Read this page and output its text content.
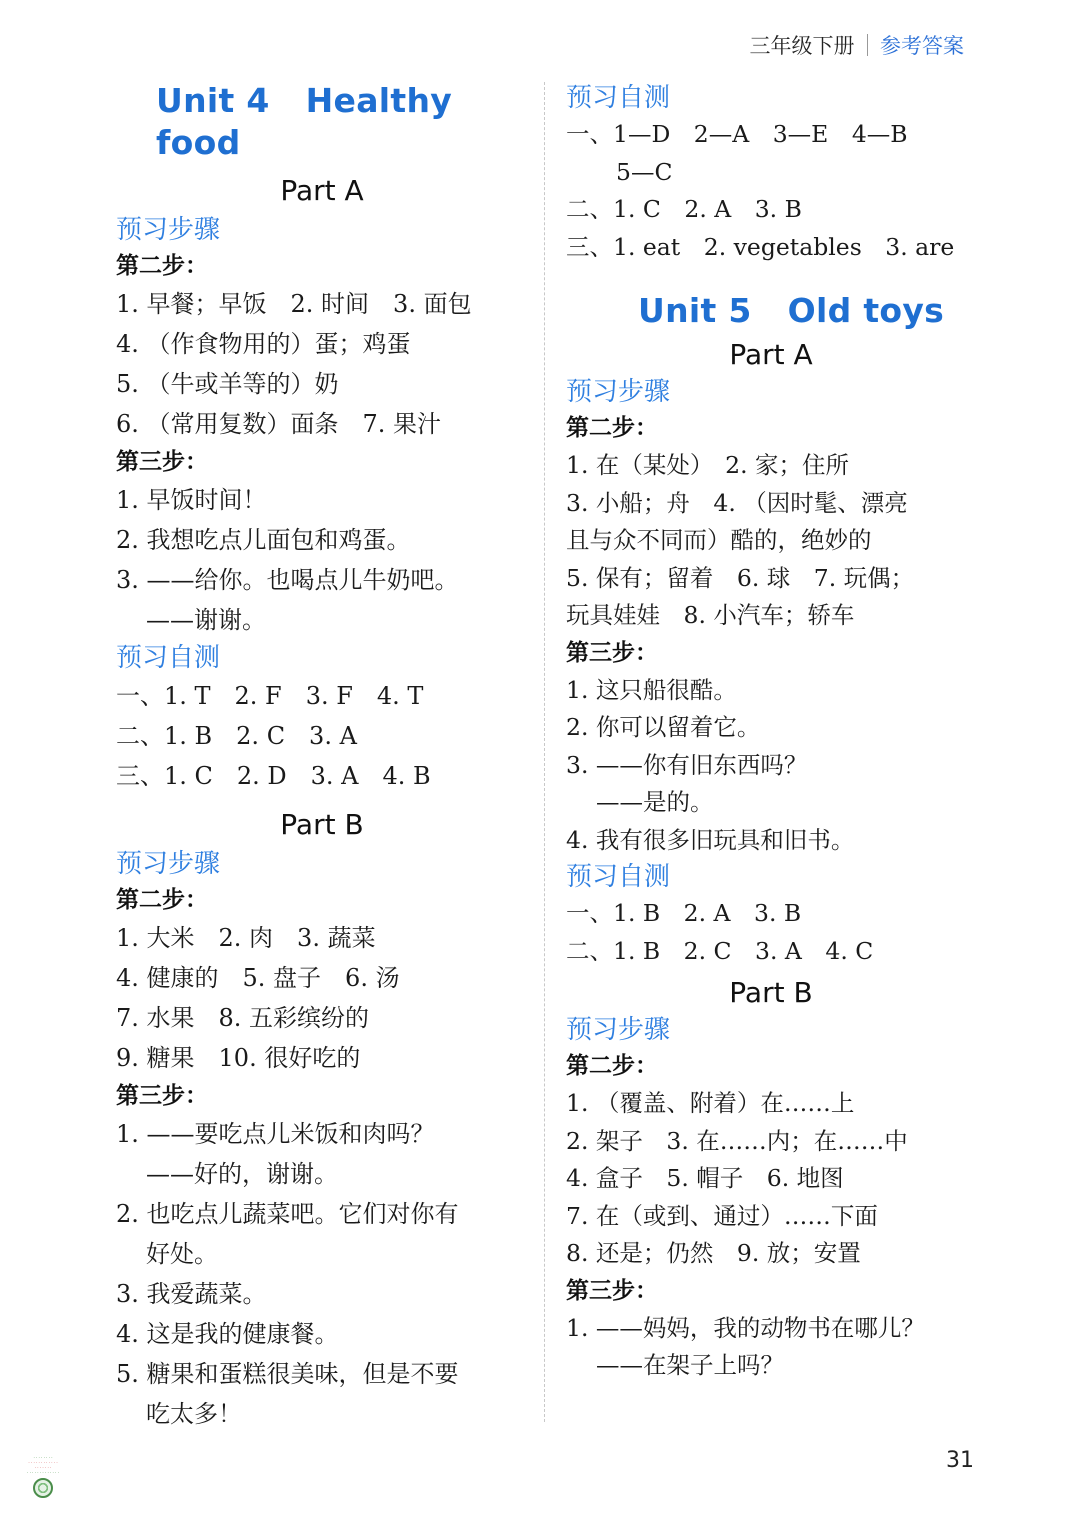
三年级下册 参考答案
Unit 4 Healthy food
Part A
预习步骤
第二步：
1. 早餐；早饭　2. 时间　3. 面包
4. （作食物用的）蛋；鸡蛋
5. （牛或羊等的）奶
6. （常用复数）面条　7. 果汁
第三步：
1. 早饭时间！
2. 我想吃点儿面包和鸡蛋。
3. ——给你。也喝点儿牛奶吧。
——谢谢。
预习自测
一、1. T　2. F　3. F　4. T
二、1. B　2. C　3. A
三、1. C　2. D　3. A　4. B
Part B
预习步骤
第二步：
1. 大米　2. 肉　3. 蔬菜
4. 健康的　5. 盘子　6. 汤
7. 水果　8. 五彩缤纷的
9. 糖果　10. 很好吃的
第三步：
1. ——要吃点儿米饭和肉吗？
——好的，谢谢。
2. 也吃点儿蔬菜吧。它们对你有
好处。
3. 我爱蔬菜。
4. 这是我的健康餐。
5. 糖果和蛋糕很美味，但是不要
吃太多！
预习自测
一、1—D　2—A　3—E　4—B
5—C
二、1. C　2. A　3. B
三、1. eat　2. vegetables　3. are
Unit 5 Old toys
Part A
预习步骤
第二步：
1. 在（某处）　2. 家；住所
3. 小船；舟　4. （因时髦、漂亮
且与众不同而）酷的，绝妙的
5. 保有；留着　6. 球　7. 玩偶；
玩具娃娃　8. 小汽车；轿车
第三步：
1. 这只船很酷。
2. 你可以留着它。
3. ——你有旧东西吗？
——是的。
4. 我有很多旧玩具和旧书。
预习自测
一、1. B　2. A　3. B
二、1. B　2. C　3. A　4. C
Part B
预习步骤
第二步：
1. （覆盖、附着）在……上
2. 架子　3. 在……内；在……中
4. 盒子　5. 帽子　6. 地图
7. 在（或到、通过）……下面
8. 还是；仍然　9. 放；安置
第三步：
1. ——妈妈，我的动物书在哪儿？
——在架子上吗？
31
· · · · · · · ·
· · · · · · · · · · · ·
· · · · · · ·
· · · · · · · · · · · · ·
